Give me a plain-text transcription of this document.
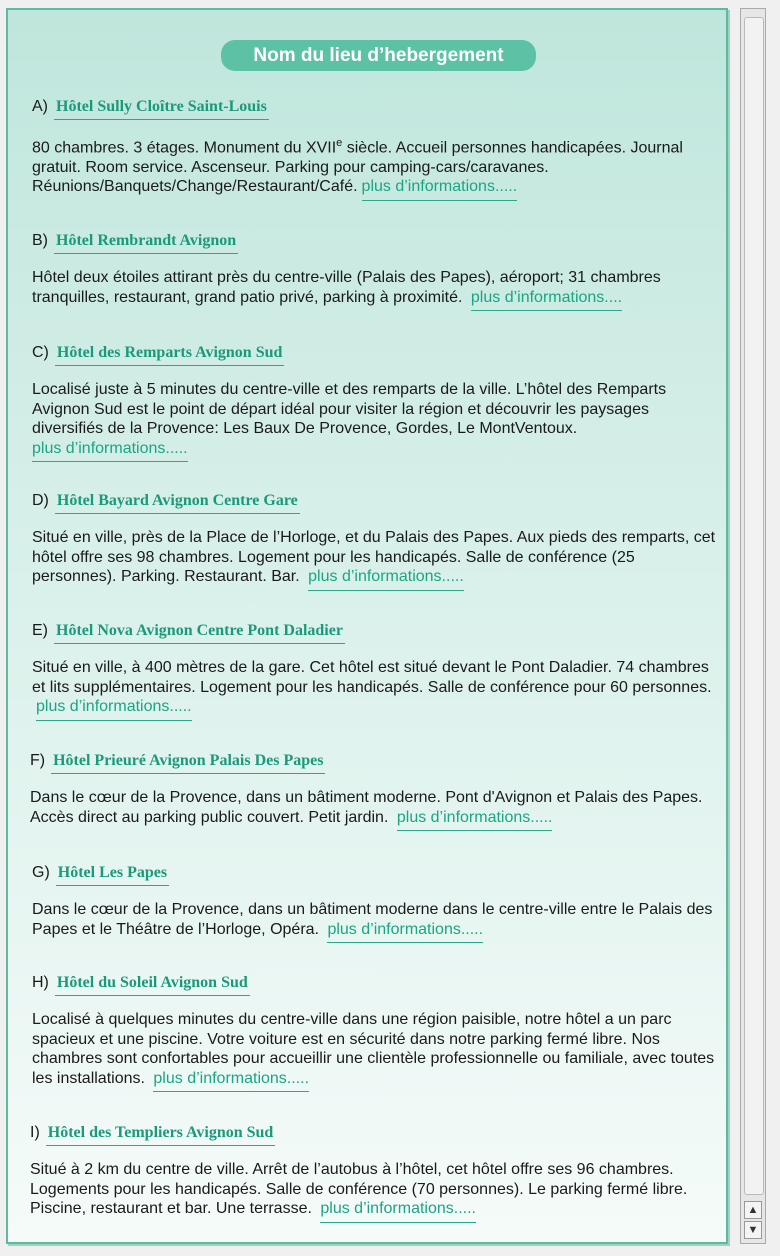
Nom du lieu d’hebergement
A) Hôtel Sully Cloître Saint-Louis
80 chambres. 3 étages. Monument du XVIIe siècle. Accueil personnes handicapées. Journal gratuit. Room service. Ascenseur. Parking pour camping-cars/caravanes. Réunions/Banquets/Change/Restaurant/Café. plus d’informations.....
B) Hôtel Rembrandt Avignon
Hôtel deux étoiles attirant près du centre-ville (Palais des Papes), aéroport; 31 chambres tranquilles, restaurant, grand patio privé, parking à proximité. plus d’informations....
C) Hôtel des Remparts Avignon Sud
Localisé juste à 5 minutes du centre-ville et des remparts de la ville. L’hôtel des Remparts Avignon Sud est le point de départ idéal pour visiter la région et découvrir les paysages diversifiés de la Provence: Les Baux De Provence, Gordes, Le MontVentoux.
plus d’informations.....
D) Hôtel Bayard Avignon Centre Gare
Situé en ville, près de la Place de l’Horloge, et du Palais des Papes. Aux pieds des remparts, cet hôtel offre ses 98 chambres. Logement pour les handicapés. Salle de conférence (25 personnes). Parking. Restaurant. Bar. plus d’informations.....
E) Hôtel Nova Avignon Centre Pont Daladier
Situé en ville, à 400 mètres de la gare. Cet hôtel est situé devant le Pont Daladier. 74 chambres et lits supplémentaires. Logement pour les handicapés. Salle de conférence pour 60 personnes. plus d’informations.....
F) Hôtel Prieuré Avignon Palais Des Papes
Dans le cœur de la Provence, dans un bâtiment moderne. Pont d'Avignon et Palais des Papes. Accès direct au parking public couvert. Petit jardin. plus d’informations.....
G) Hôtel Les Papes
Dans le cœur de la Provence, dans un bâtiment moderne dans le centre-ville entre le Palais des Papes et le Théâtre de l’Horloge, Opéra. plus d’informations.....
H) Hôtel du Soleil Avignon Sud
Localisé à quelques minutes du centre-ville dans une région paisible, notre hôtel a un parc spacieux et une piscine. Votre voiture est en sécurité dans notre parking fermé libre. Nos chambres sont confortables pour accueillir une clientèle professionnelle ou familiale, avec toutes les installations. plus d’informations.....
I) Hôtel des Templiers Avignon Sud
Situé à 2 km du centre de ville. Arrêt de l’autobus à l’hôtel, cet hôtel offre ses 96 chambres. Logements pour les handicapés. Salle de conférence (70 personnes). Le parking fermé libre. Piscine, restaurant et bar. Une terrasse. plus d’informations.....	▲
▼
